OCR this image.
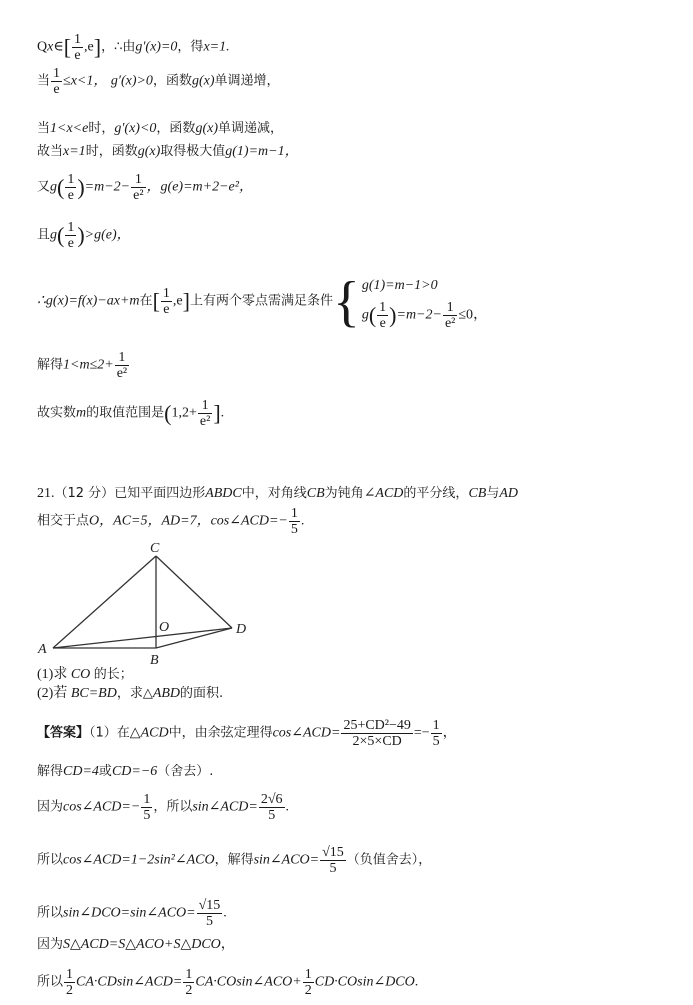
Qx∈[ $\frac{1}{e} ,e$]，∴由g′(x)=0，得x=1.
当 $\frac{1}{e} \le x<1$， g′(x)>0，函数g(x)单调递增，
当1<x<e时，g′(x)<0，函数g(x)单调递减，
故当x=1时，函数g(x)取得极大值g(1)=m−1，
又$g( \frac{1}{e} )=m-2- \frac{1}{\text{e²}}$ ，g(e)=m+2−e²，
且$g( \frac{1}{e} )>g(e)$，
∴g(x)=f(x)−ax+m在[ $\frac{1}{e} ,e$]上有两个零点需满足条件{ g(1)=m−1>0
$g( \frac{1}{e} )=m-2- \frac{1}{\text{e²}} \le 0$，
解得$1<m\le 2+ \frac{1}{\text{e²}}$
故实数m的取值范围是($1,2+ \frac{1}{\text{e²}}$ ].
21.（12 分）已知平面四边形ABDC中，对角线CB为钝角∠ACD的平分线，CB与AD
相交于点O，AC=5，AD=7，cos∠ACD=− $\frac{1}{5}$ .
C
A
B
D
O
(1)求 CO 的长；
(2)若 BC=BD，求△ABD的面积.
【答案】（1）在△ACD中，由余弦定理得cos∠ACD= $\frac{\text{25+CD²−49}}{2\times 5\times CD} =- \frac{1}{5}$ ，
解得CD=4或CD=−6（舍去）.
因为cos∠ACD=− $\frac{1}{5}$ ，所以sin∠ACD= $\frac{2√6}{5}$ .
所以cos∠ACD=1−2sin²∠ACO，解得sin∠ACO= $\frac{√15}{5}$ （负值舍去），
所以sin∠DCO=sin∠ACO= $\frac{√15}{5}$ .
因为S△ACD=S△ACO+S△DCO，
所以 $\frac{1}{2}$ CA·CDsin∠ACD= $\frac{1}{2}$ CA·COsin∠ACO+ $\frac{1}{2}$ CD·COsin∠DCO.
